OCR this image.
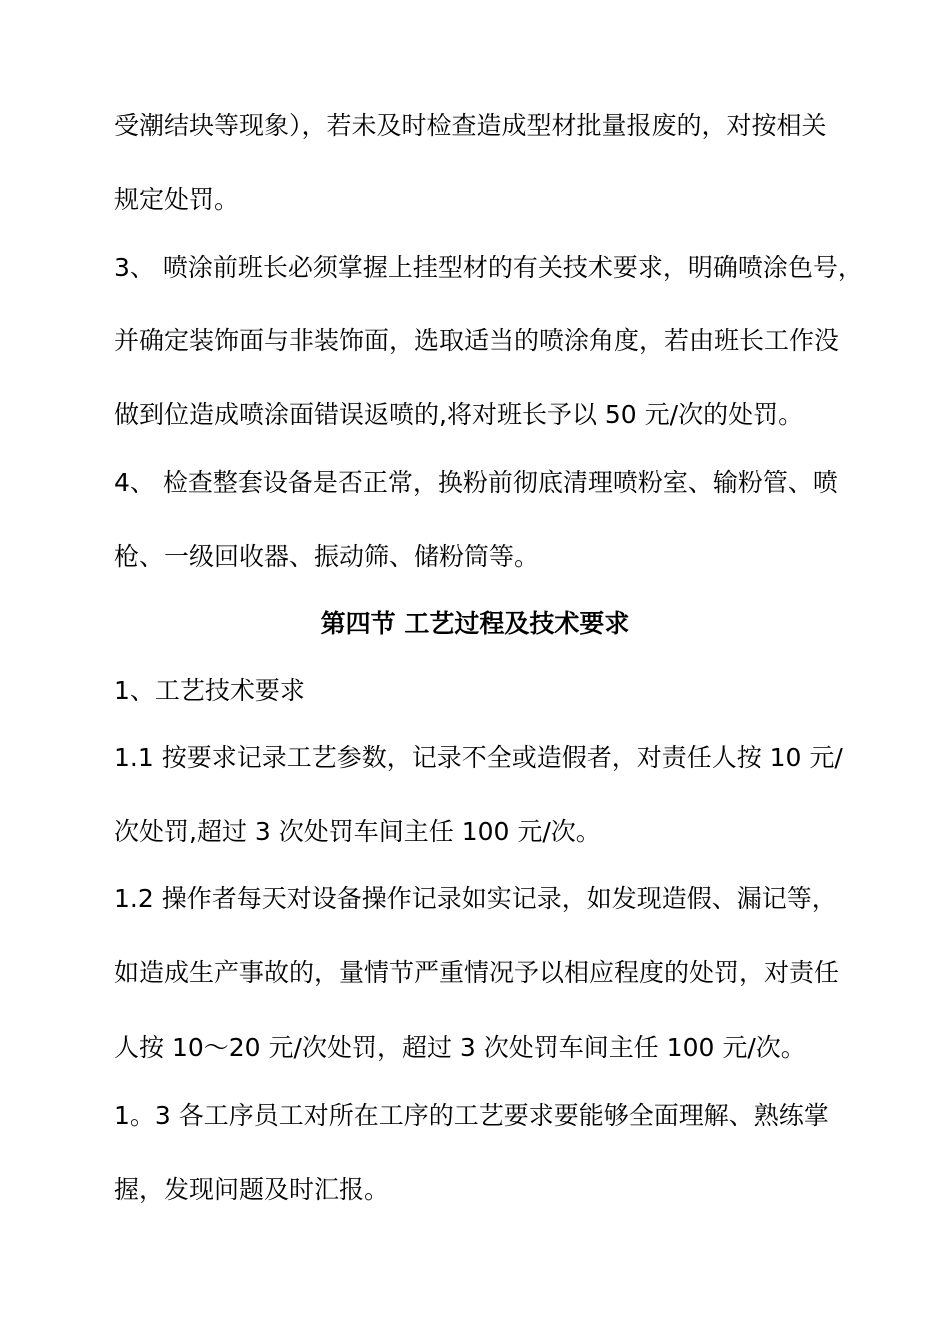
受潮结块等现象），若未及时检查造成型材批量报废的，对按相关
规定处罚。
3、 喷涂前班长必须掌握上挂型材的有关技术要求，明确喷涂色号，
并确定装饰面与非装饰面，选取适当的喷涂角度，若由班长工作没
做到位造成喷涂面错误返喷的,将对班长予以 50 元/次的处罚。
4、 检查整套设备是否正常，换粉前彻底清理喷粉室、输粉管、喷
枪、一级回收器、振动筛、储粉筒等。
第四节 工艺过程及技术要求
1、工艺技术要求
1.1 按要求记录工艺参数，记录不全或造假者，对责任人按 10 元/
次处罚,超过 3 次处罚车间主任 100 元/次。
1.2 操作者每天对设备操作记录如实记录，如发现造假、漏记等，
如造成生产事故的，量情节严重情况予以相应程度的处罚，对责任
人按 10～20 元/次处罚，超过 3 次处罚车间主任 100 元/次。
1。3 各工序员工对所在工序的工艺要求要能够全面理解、熟练掌
握，发现问题及时汇报。
